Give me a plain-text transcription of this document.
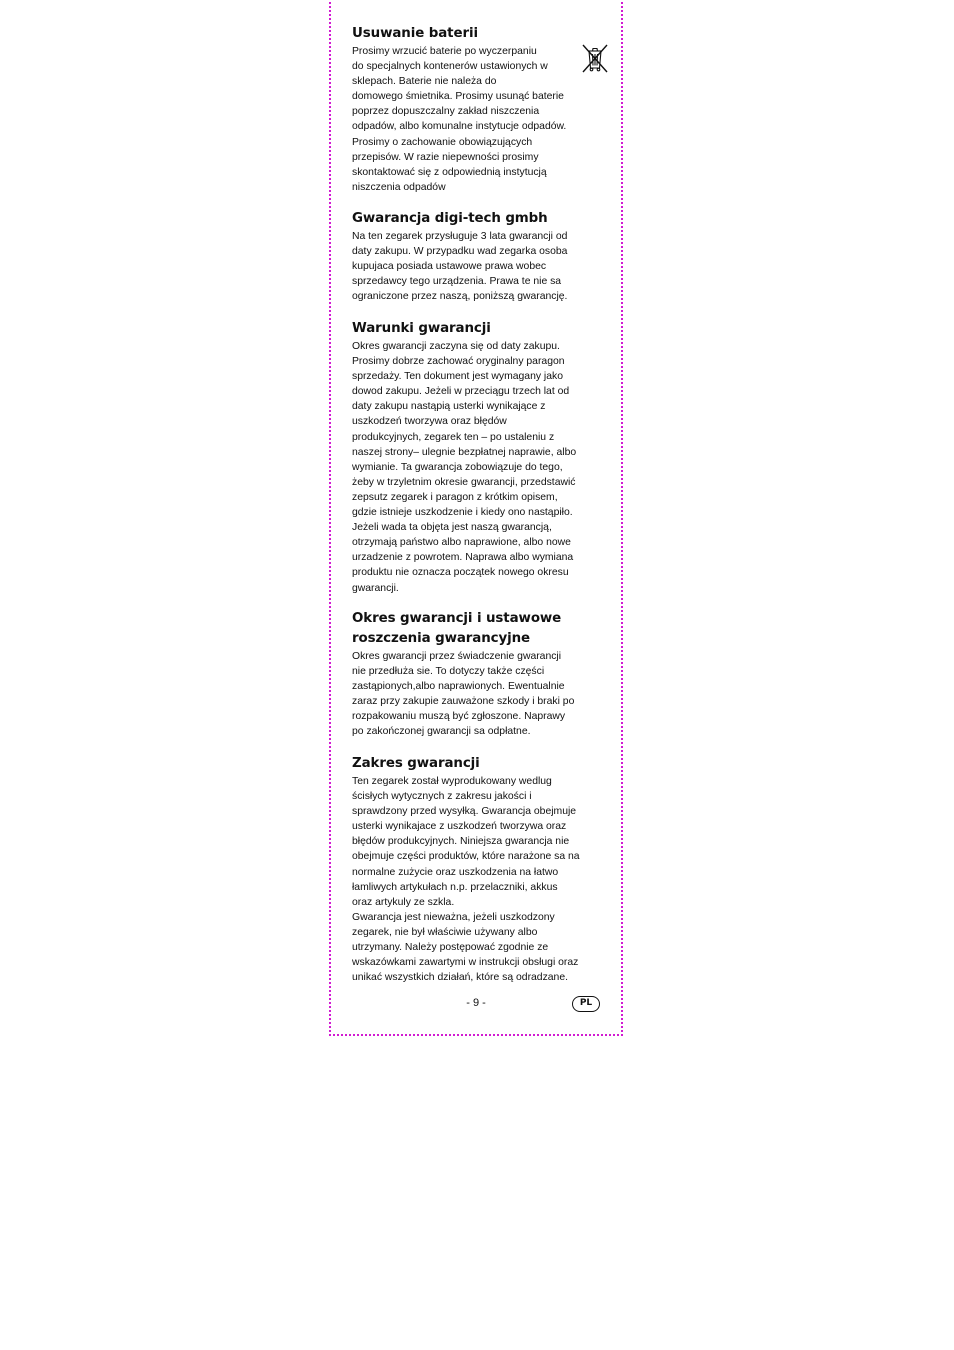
Usuwanie baterii

Prosimy wrzucić baterie po wyczerpaniu
do specjalnych kontenerów ustawionych w
sklepach. Baterie nie należa do
domowego śmietnika. Prosimy usunąć baterie
poprzez dopuszczalny zakład niszczenia
odpadów, albo komunalne instytucje odpadów.
Prosimy o zachowanie obowiązujących
przepisów. W razie niepewności prosimy
skontaktować się z odpowiednią instytucją
niszczenia odpadów

Gwarancja digi-tech gmbh

Na ten zegarek przysługuje 3 lata gwarancji od
daty zakupu. W przypadku wad zegarka osoba
kupujaca posiada ustawowe prawa wobec
sprzedawcy tego urządzenia. Prawa te nie sa
ograniczone przez naszą, poniższą gwarancję.

Warunki gwarancji

Okres gwarancji zaczyna się od daty zakupu.
Prosimy dobrze zachować oryginalny paragon
sprzedaży. Ten dokument jest wymagany jako
dowod zakupu. Jeżeli w przeciągu trzech lat od
daty zakupu nastąpią usterki wynikające z
uszkodzeń tworzywa oraz błędów
produkcyjnych, zegarek ten – po ustaleniu z
naszej strony– ulegnie bezpłatnej naprawie, albo
wymianie. Ta gwarancja zobowiązuje do tego,
żeby w trzyletnim okresie gwarancji, przedstawić
zepsutz zegarek i paragon z krótkim opisem,
gdzie istnieje uszkodzenie i kiedy ono nastąpiło.
Jeżeli wada ta objęta jest naszą gwarancją,
otrzymają państwo albo naprawione, albo nowe
urzadzenie z powrotem. Naprawa albo wymiana
produktu nie oznacza początek nowego okresu
gwarancji.

Okres gwarancji i ustawowe
roszczenia gwarancyjne

Okres gwarancji przez świadczenie gwarancji
nie przedłuża sie. To dotyczy także części
zastąpionych,albo naprawionych. Ewentualnie
zaraz przy zakupie zauważone szkody i braki po
rozpakowaniu muszą być zgłoszone. Naprawy
po zakończonej gwarancji sa odpłatne.

Zakres gwarancji

Ten zegarek został wyprodukowany wedlug
ścisłych wytycznych z zakresu jakości i
sprawdzony przed wysyłką. Gwarancja obejmuje
usterki wynikajace z uszkodzeń tworzywa oraz
błędów produkcyjnych. Niniejsza gwarancja nie
obejmuje części produktów, które narażone sa na
normalne zużycie oraz uszkodzenia na łatwo
łamliwych artykułach n.p. przelaczniki, akkus
oraz artykuly ze szkla.
Gwarancja jest nieważna, jeżeli uszkodzony
zegarek, nie był właściwie używany albo
utrzymany. Należy postępować zgodnie ze
wskazówkami zawartymi w instrukcji obsługi oraz
unikać wszystkich działań, które są odradzane.

- 9 -	PL
